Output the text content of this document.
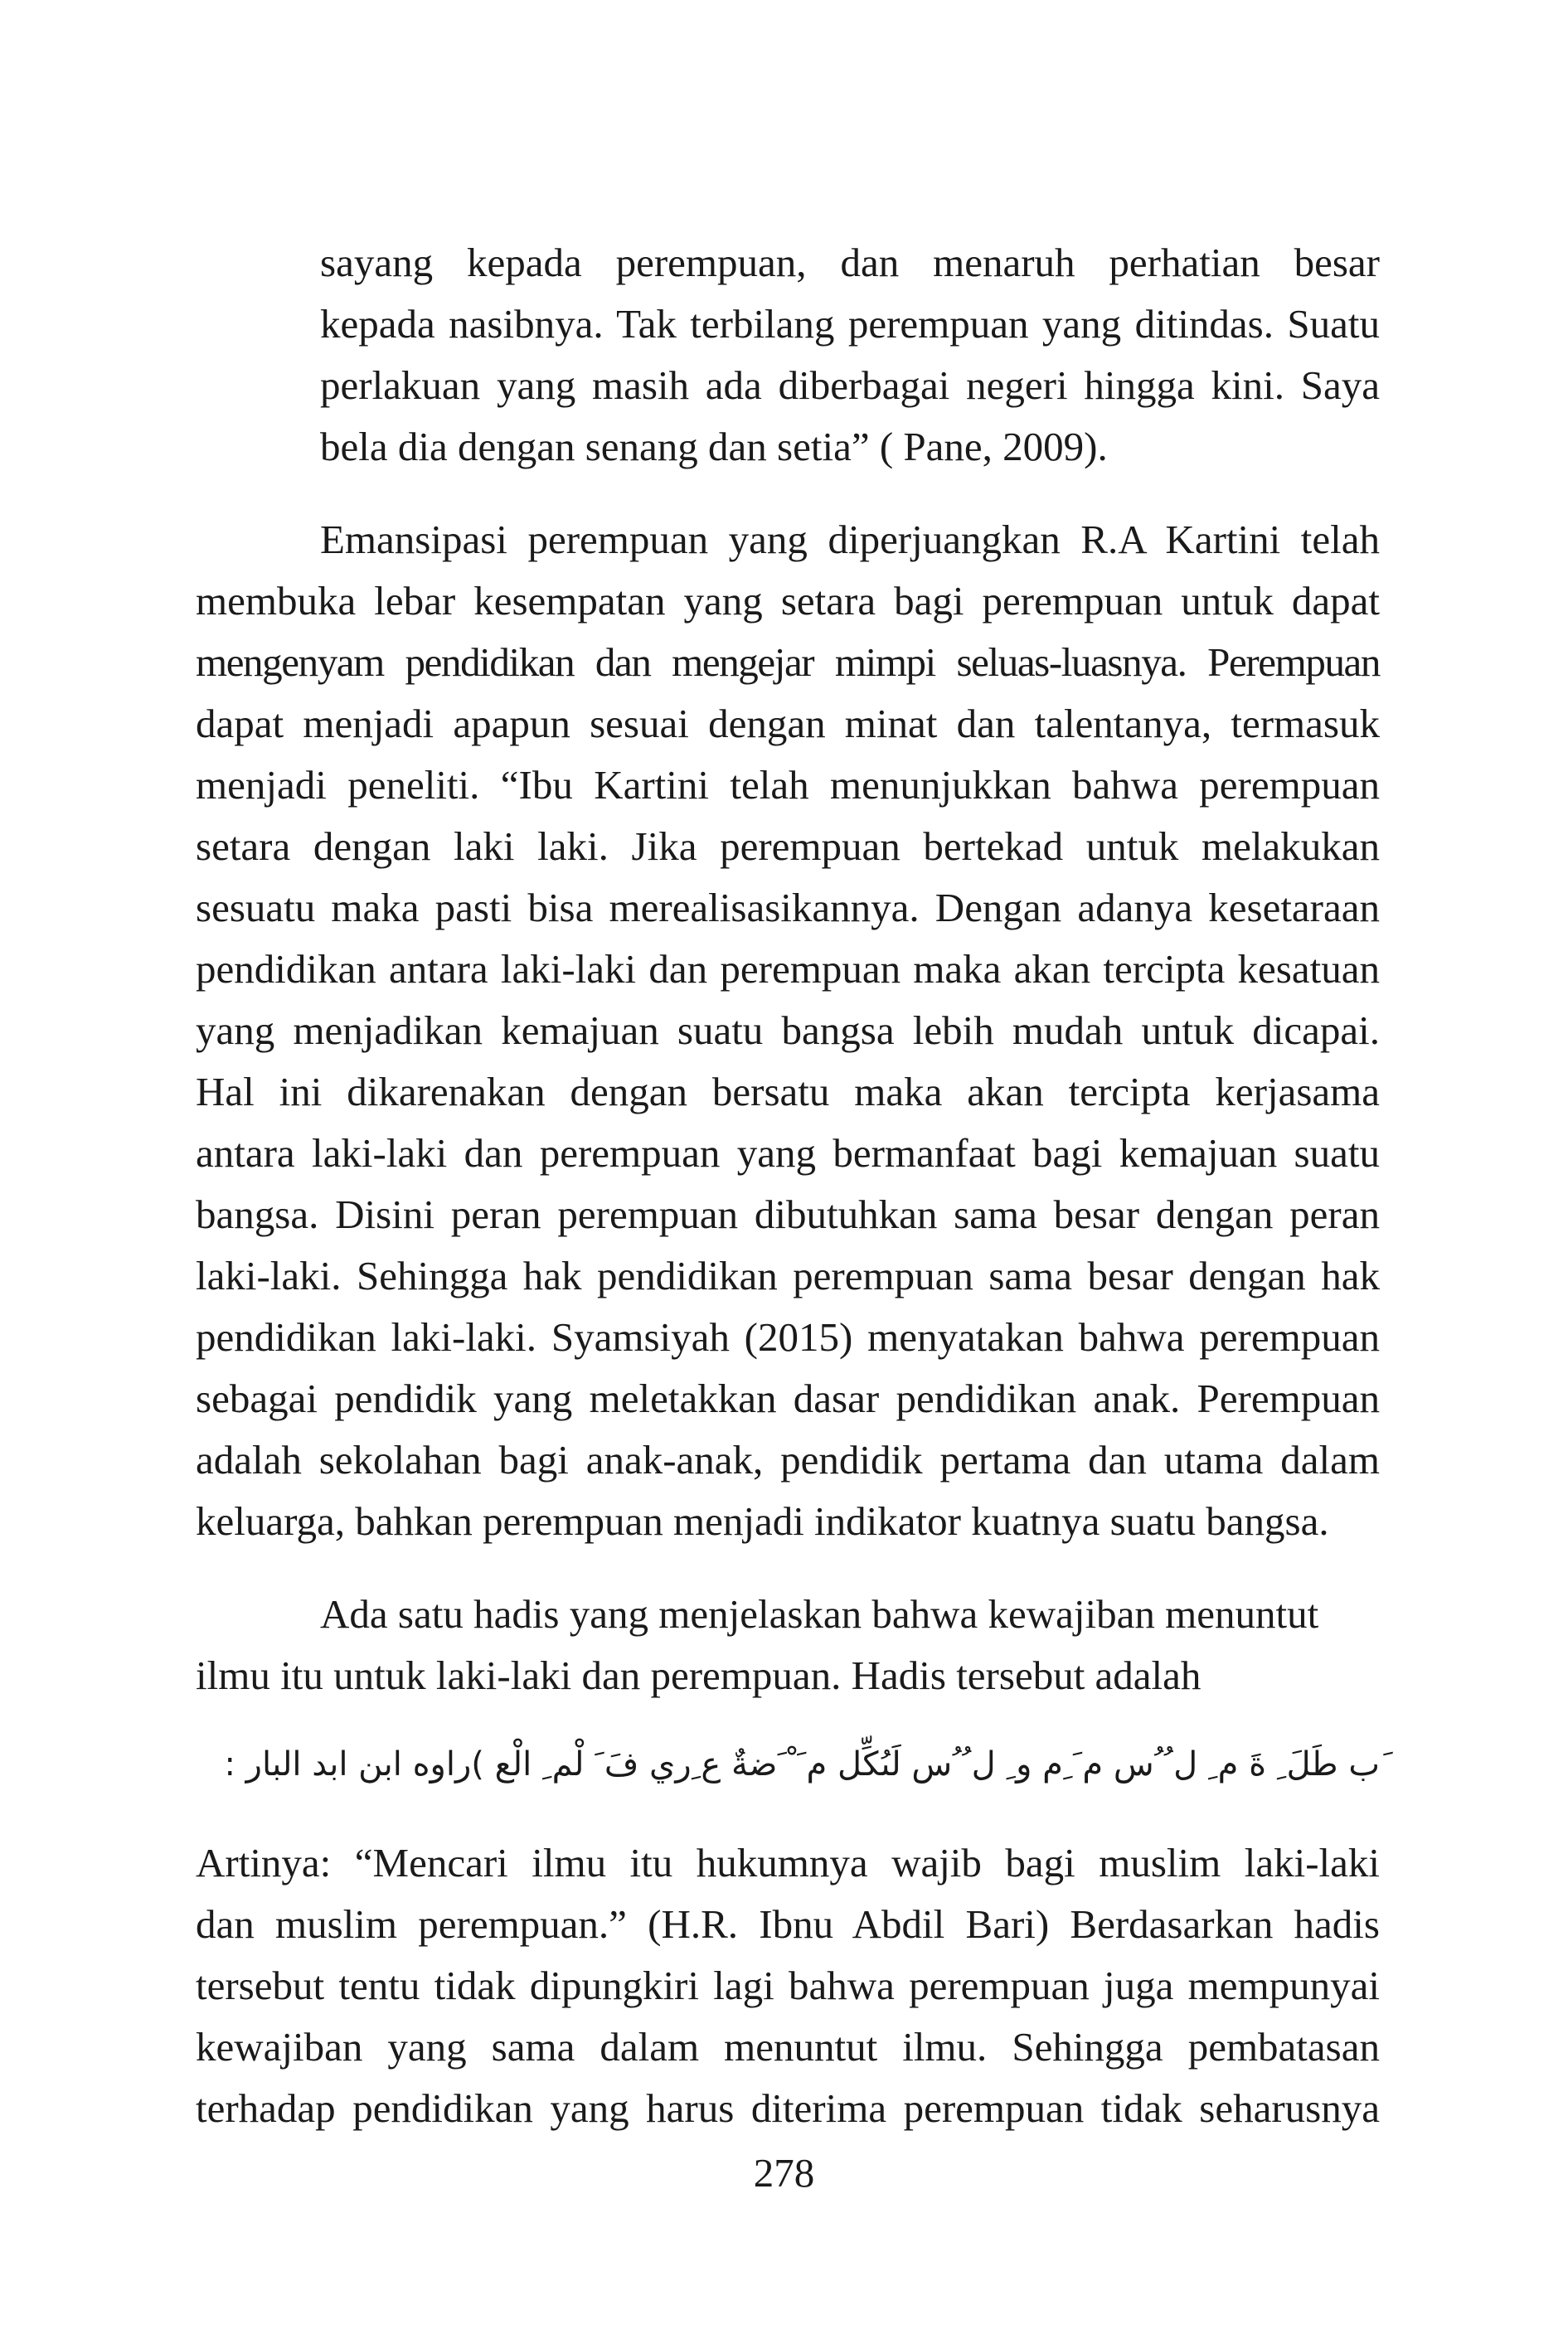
sayang kepada perempuan, dan menaruh perhatian besar
kepada nasibnya. Tak terbilang perempuan yang ditindas. Suatu
perlakuan yang masih ada diberbagai negeri hingga kini. Saya
bela dia dengan senang dan setia” ( Pane, 2009).
Emansipasi perempuan yang diperjuangkan R.A Kartini telah
membuka lebar kesempatan yang setara bagi perempuan untuk dapat
mengenyam pendidikan dan mengejar mimpi seluas-luasnya. Perempuan
dapat menjadi apapun sesuai dengan minat dan talentanya, termasuk
menjadi peneliti. “Ibu Kartini telah menunjukkan bahwa perempuan
setara dengan laki laki. Jika perempuan bertekad untuk melakukan
sesuatu maka pasti bisa merealisasikannya. Dengan adanya kesetaraan
pendidikan antara laki-laki dan perempuan maka akan tercipta kesatuan
yang menjadikan kemajuan suatu bangsa lebih mudah untuk dicapai.
Hal ini dikarenakan dengan bersatu maka akan tercipta kerjasama
antara laki-laki dan perempuan yang bermanfaat bagi kemajuan suatu
bangsa. Disini peran perempuan dibutuhkan sama besar dengan peran
laki-laki. Sehingga hak pendidikan perempuan sama besar dengan hak
pendidikan laki-laki. Syamsiyah (2015) menyatakan bahwa perempuan
sebagai pendidik yang meletakkan dasar pendidikan anak. Perempuan
adalah sekolahan bagi anak-anak, pendidik pertama dan utama dalam
keluarga, bahkan perempuan menjadi indikator kuatnya suatu bangsa.
Ada satu hadis yang menjelaskan bahwa kewajiban menuntut
ilmu itu untuk laki-laki dan perempuan. Hadis tersebut adalah
َب طَلَ ِ ةَ م ِ ل ُ ُس م َ ِم و ِ ل ُ ُس لَىُكِّل م َ ْ َضةٌ ع ِري فَ َ لْم ِ الْع )راوه ابن ابد البار :
Artinya: “Mencari ilmu itu hukumnya wajib bagi muslim laki-laki
dan muslim perempuan.” (H.R. Ibnu Abdil Bari) Berdasarkan hadis
tersebut tentu tidak dipungkiri lagi bahwa perempuan juga mempunyai
kewajiban yang sama dalam menuntut ilmu. Sehingga pembatasan
terhadap pendidikan yang harus diterima perempuan tidak seharusnya
278
